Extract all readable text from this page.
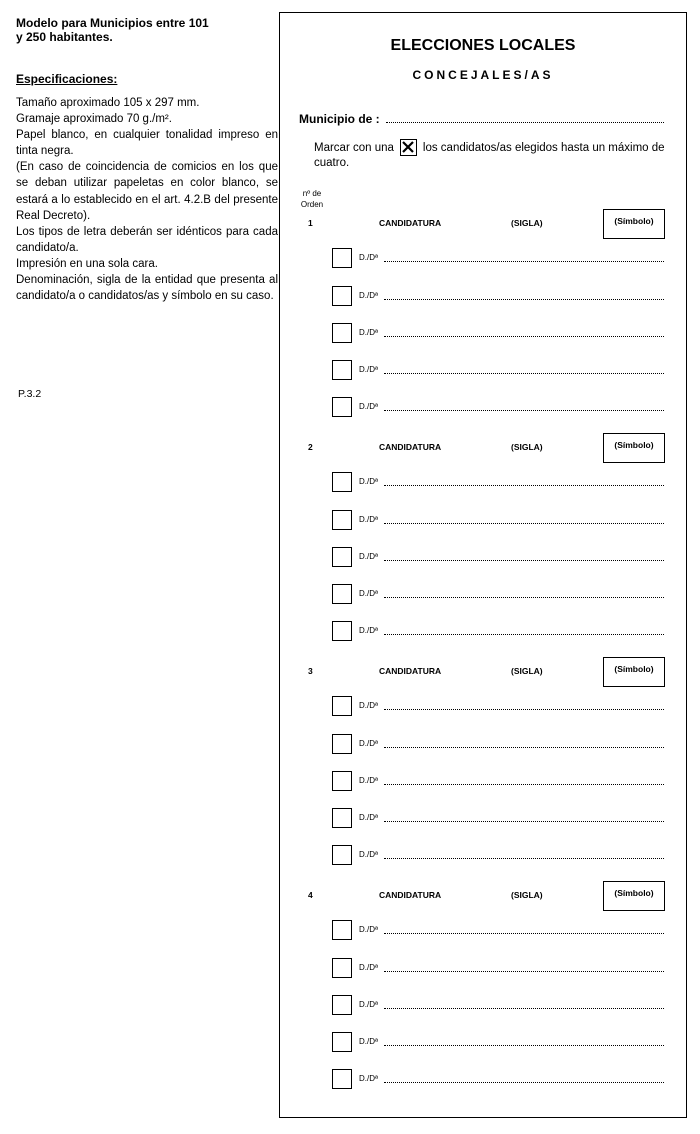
Modelo para Municipios entre 101
y 250 habitantes.
Especificaciones:

Tamaño aproximado 105 x 297 mm.

Gramaje aproximado 70 g./m².

Papel blanco, en cualquier tonalidad impreso en tinta negra.

(En caso de coincidencia de comicios en los que se deban utilizar papeletas en color blanco, se estará a lo establecido en el art. 4.2.B del presente Real Decreto).

Los tipos de letra deberán ser idénticos para cada candidato/a.

Impresión en una sola cara.

Denominación, sigla de la entidad que presenta al candidato/a o candidatos/as y símbolo en su caso.

P.3.2
ELECCIONES LOCALES
CONCEJALES/AS
Municipio de :
Marcar con una	los candidatos/as elegidos hasta un máximo de cuatro.
nº de
Orden
1	CANDIDATURA	(SIGLA)	(Símbolo)
D./Dª
D./Dª
D./Dª
D./Dª
D./Dª
2	CANDIDATURA	(SIGLA)	(Símbolo)
D./Dª
D./Dª
D./Dª
D./Dª
D./Dª
3	CANDIDATURA	(SIGLA)	(Símbolo)
D./Dª
D./Dª
D./Dª
D./Dª
D./Dª
4	CANDIDATURA	(SIGLA)	(Símbolo)
D./Dª
D./Dª
D./Dª
D./Dª
D./Dª
